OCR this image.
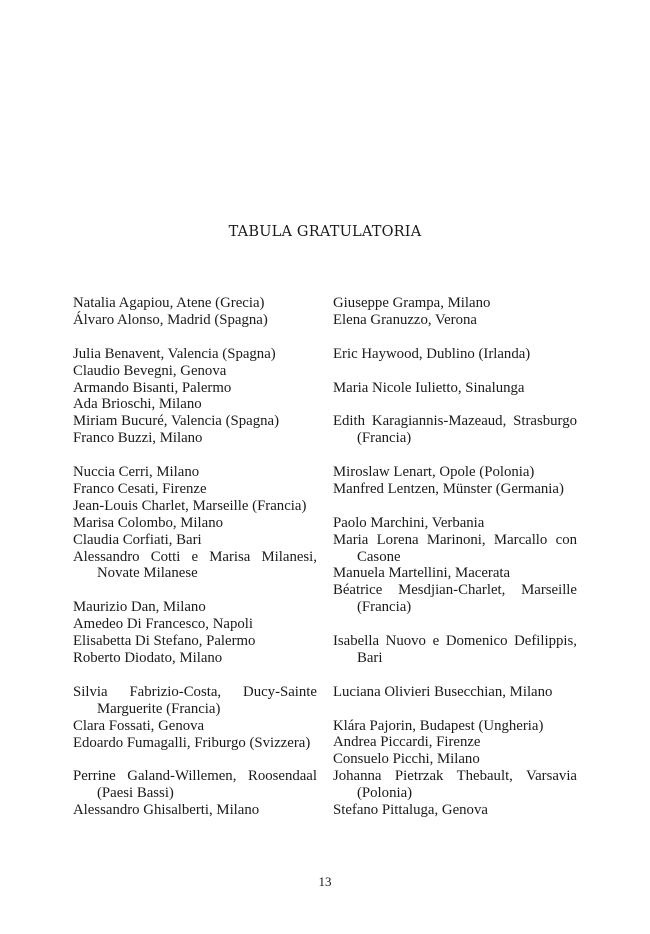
TABULA GRATULATORIA
Natalia Agapiou, Atene (Grecia)
Álvaro Alonso, Madrid (Spagna)
Julia Benavent, Valencia (Spagna)
Claudio Bevegni, Genova
Armando Bisanti, Palermo
Ada Brioschi, Milano
Miriam Bucuré, Valencia (Spagna)
Franco Buzzi, Milano
Nuccia Cerri, Milano
Franco Cesati, Firenze
Jean-Louis Charlet, Marseille (Francia)
Marisa Colombo, Milano
Claudia Corfiati, Bari
Alessandro Cotti e Marisa Milanesi, Novate Milanese
Maurizio Dan, Milano
Amedeo Di Francesco, Napoli
Elisabetta Di Stefano, Palermo
Roberto Diodato, Milano
Silvia Fabrizio-Costa, Ducy-Sainte Marguerite (Francia)
Clara Fossati, Genova
Edoardo Fumagalli, Friburgo (Svizzera)
Perrine Galand-Willemen, Roosendaal (Paesi Bassi)
Alessandro Ghisalberti, Milano
Giuseppe Grampa, Milano
Elena Granuzzo, Verona
Eric Haywood, Dublino (Irlanda)
Maria Nicole Iulietto, Sinalunga
Edith Karagiannis-Mazeaud, Strasburgo (Francia)
Miroslaw Lenart, Opole (Polonia)
Manfred Lentzen, Münster (Germania)
Paolo Marchini, Verbania
Maria Lorena Marinoni, Marcallo con Casone
Manuela Martellini, Macerata
Béatrice Mesdjian-Charlet, Marseille (Francia)
Isabella Nuovo e Domenico Defilippis, Bari
Luciana Olivieri Busecchian, Milano
Klára Pajorin, Budapest (Ungheria)
Andrea Piccardi, Firenze
Consuelo Picchi, Milano
Johanna Pietrzak Thebault, Varsavia (Polonia)
Stefano Pittaluga, Genova
13
